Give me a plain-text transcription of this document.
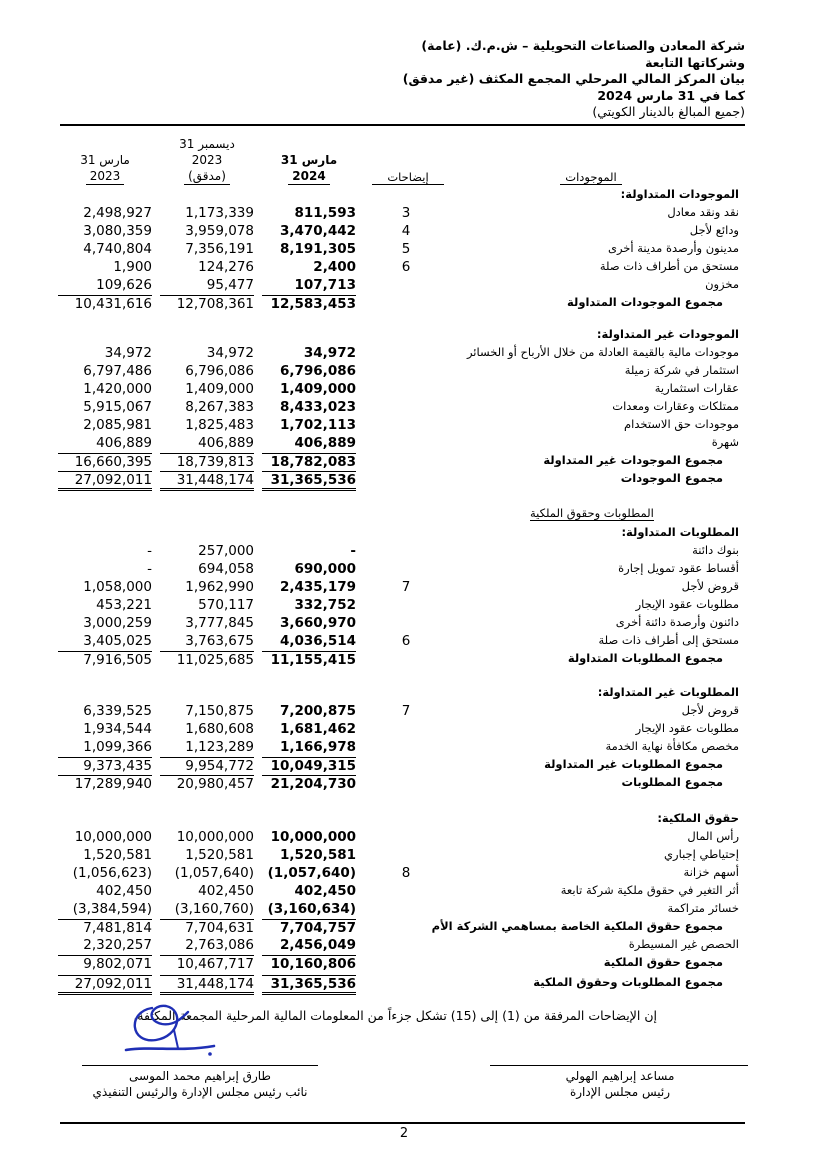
شركة المعادن والصناعات التحويلية – ش.م.ك. (عامة)
وشركاتها التابعة
بيان المركز المالي المرحلي المجمع المكثف (غير مدقق)
كما في 31 مارس 2024
(جميع المبالغ بالدينار الكويتي)
31 مارس
2024
31 ديسمبر
2023
(مدقق)
31 مارس
2023	إيضاحات	الموجودات
الموجودات المتداولة:
نقد ونقد معادل
3
811,593
1,173,339
2,498,927
ودائع لأجل
4
3,470,442
3,959,078
3,080,359
مدينون وأرصدة مدينة أخرى
5
8,191,305
7,356,191
4,740,804
مستحق من أطراف ذات صلة
6
2,400
124,276
1,900
مخزون
107,713
95,477
109,626
مجموع الموجودات المتداولة
12,583,453
12,708,361
10,431,616
الموجودات غير المتداولة:
موجودات مالية بالقيمة العادلة من خلال الأرباح أو الخسائر
34,972
34,972
34,972
استثمار في شركة زميلة
6,796,086
6,796,086
6,797,486
عقارات استثمارية
1,409,000
1,409,000
1,420,000
ممتلكات وعقارات ومعدات
8,433,023
8,267,383
5,915,067
موجودات حق الاستخدام
1,702,113
1,825,483
2,085,981
شهرة
406,889
406,889
406,889
مجموع الموجودات غير المتداولة
18,782,083
18,739,813
16,660,395
مجموع الموجودات
31,365,536
31,448,174
27,092,011
المطلوبات وحقوق الملكية
المطلوبات المتداولة:
بنوك دائنة
-
257,000
-
أقساط عقود تمويل إجارة
690,000
694,058
-
قروض لأجل
7
2,435,179
1,962,990
1,058,000
مطلوبات عقود الإيجار
332,752
570,117
453,221
دائنون وأرصدة دائنة أخرى
3,660,970
3,777,845
3,000,259
مستحق إلى أطراف ذات صلة
6
4,036,514
3,763,675
3,405,025
مجموع المطلوبات المتداولة
11,155,415
11,025,685
7,916,505
المطلوبات غير المتداولة:
قروض لأجل
7
7,200,875
7,150,875
6,339,525
مطلوبات عقود الإيجار
1,681,462
1,680,608
1,934,544
مخصص مكافأة نهاية الخدمة
1,166,978
1,123,289
1,099,366
مجموع المطلوبات غير المتداولة
10,049,315
9,954,772
9,373,435
مجموع المطلوبات
21,204,730
20,980,457
17,289,940
حقوق الملكية:
رأس المال
10,000,000
10,000,000
10,000,000
إحتياطي إجباري
1,520,581
1,520,581
1,520,581
أسهم خزانة
8
(1,057,640)
(1,057,640)
(1,056,623)
أثر التغير في حقوق ملكية شركة تابعة
402,450
402,450
402,450
خسائر متراكمة
(3,160,634)
(3,160,760)
(3,384,594)
مجموع حقوق الملكية الخاصة بمساهمي الشركة الأم
7,704,757
7,704,631
7,481,814
الحصص غير المسيطرة
2,456,049
2,763,086
2,320,257
مجموع حقوق الملكية
10,160,806
10,467,717
9,802,071
مجموع المطلوبات وحقوق الملكية
31,365,536
31,448,174
27,092,011
إن الإيضاحات المرفقة من (1) إلى (15) تشكل جزءاً من المعلومات المالية المرحلية المجمعة المكثفة.
طارق إبراهيم محمد الموسى
نائب رئيس مجلس الإدارة والرئيس التنفيذي
مساعد إبراهيم الهولي
رئيس مجلس الإدارة
2
